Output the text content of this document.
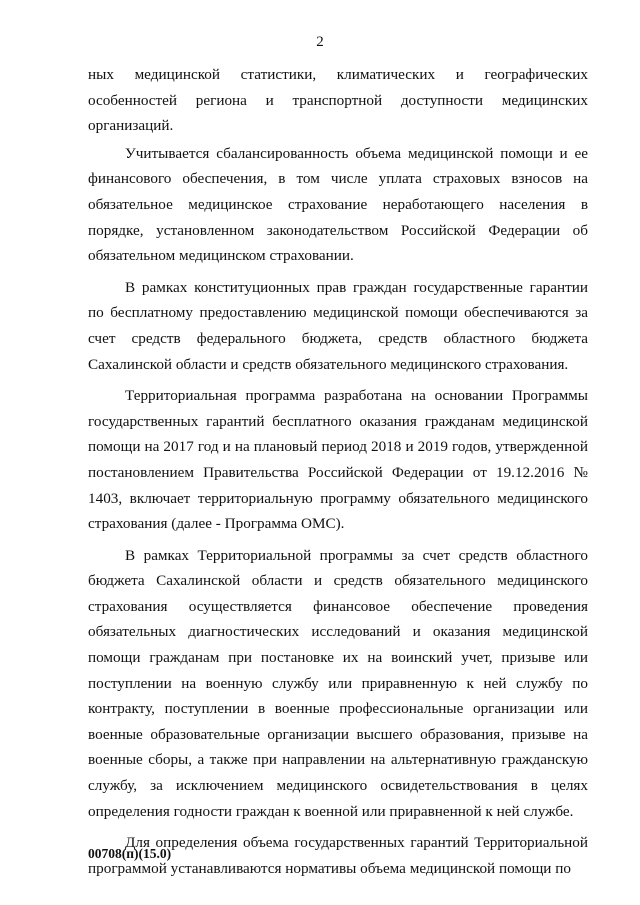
2

ных медицинской статистики, климатических и географических особенностей региона и транспортной доступности медицинских организаций.

Учитывается сбалансированность объема медицинской помощи и ее финансового обеспечения, в том числе уплата страховых взносов на обязательное медицинское страхование неработающего населения в порядке, установленном законодательством Российской Федерации об обязательном медицинском страховании.

В рамках конституционных прав граждан государственные гарантии по бесплатному предоставлению медицинской помощи обеспечиваются за счет средств федерального бюджета, средств областного бюджета Сахалинской области и средств обязательного медицинского страхования.

Территориальная программа разработана на основании Программы государственных гарантий бесплатного оказания гражданам медицинской помощи на 2017 год и на плановый период 2018 и 2019 годов, утвержденной постановлением Правительства Российской Федерации от 19.12.2016 № 1403, включает территориальную программу обязательного медицинского страхования (далее - Программа ОМС).

В рамках Территориальной программы за счет средств областного бюджета Сахалинской области и средств обязательного медицинского страхования осуществляется финансовое обеспечение проведения обязательных диагностических исследований и оказания медицинской помощи гражданам при постановке их на воинский учет, призыве или поступлении на военную службу или приравненную к ней службу по контракту, поступлении в военные профессиональные организации или военные образовательные организации высшего образования, призыве на военные сборы, а также при направлении на альтернативную гражданскую службу, за исключением медицинского освидетельствования в целях определения годности граждан к военной или приравненной к ней службе.

Для определения объема государственных гарантий Территориальной программой устанавливаются нормативы объема медицинской помощи по

00708(п)(15.0)
